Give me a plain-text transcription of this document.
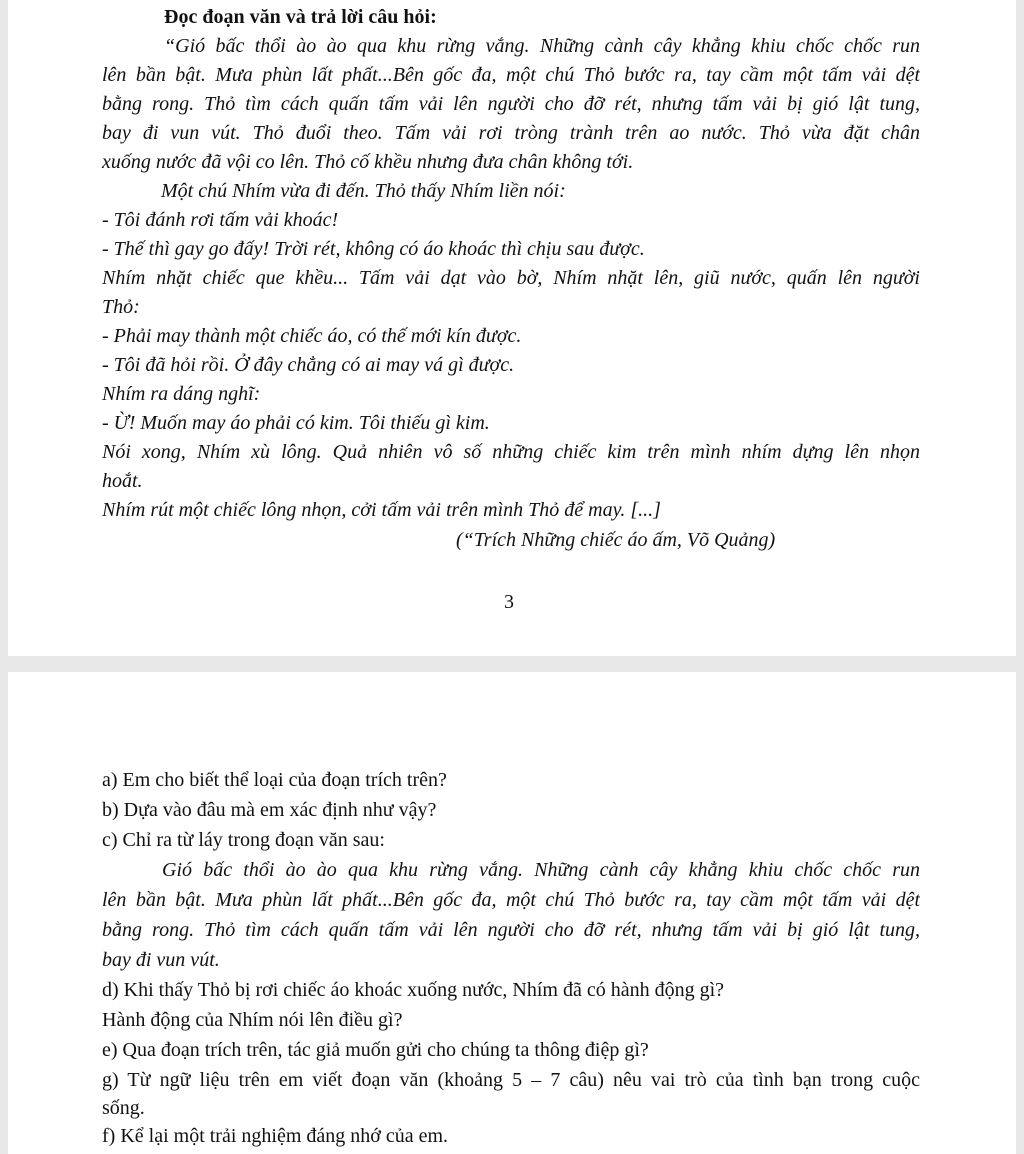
Đọc đoạn văn và trả lời câu hỏi:
“Gió bấc thổi ào ào qua khu rừng vắng. Những cành cây khẳng khiu chốc chốc run
lên bần bật. Mưa phùn lất phất...Bên gốc đa, một chú Thỏ bước ra, tay cầm một tấm vải dệt
bằng rong. Thỏ tìm cách quấn tấm vải lên người cho đỡ rét, nhưng tấm vải bị gió lật tung,
bay đi vun vút. Thỏ đuổi theo. Tấm vải rơi tròng trành trên ao nước. Thỏ vừa đặt chân
xuống nước đã vội co lên. Thỏ cố khều nhưng đưa chân không tới.
Một chú Nhím vừa đi đến. Thỏ thấy Nhím liền nói:
- Tôi đánh rơi tấm vải khoác!
- Thế thì gay go đấy! Trời rét, không có áo khoác thì chịu sau được.
Nhím nhặt chiếc que khều... Tấm vải dạt vào bờ, Nhím nhặt lên, giũ nước, quấn lên người
Thỏ:
- Phải may thành một chiếc áo, có thế mới kín được.
- Tôi đã hỏi rồi. Ở đây chẳng có ai may vá gì được.
Nhím ra dáng nghĩ:
- Ừ! Muốn may áo phải có kim. Tôi thiếu gì kim.
Nói xong, Nhím xù lông. Quả nhiên vô số những chiếc kim trên mình nhím dựng lên nhọn
hoắt.
Nhím rút một chiếc lông nhọn, cởi tấm vải trên mình Thỏ để may. [...]
(“Trích Những chiếc áo ấm, Võ Quảng)
3
a) Em cho biết thể loại của đoạn trích trên?
b) Dựa vào đâu mà em xác định như vậy?
c) Chỉ ra từ láy trong đoạn văn sau:
Gió bấc thổi ào ào qua khu rừng vắng. Những cành cây khẳng khiu chốc chốc run
lên bần bật. Mưa phùn lất phất...Bên gốc đa, một chú Thỏ bước ra, tay cầm một tấm vải dệt
bằng rong. Thỏ tìm cách quấn tấm vải lên người cho đỡ rét, nhưng tấm vải bị gió lật tung,
bay đi vun vút.
d) Khi thấy Thỏ bị rơi chiếc áo khoác xuống nước, Nhím đã có hành động gì?
Hành động của Nhím nói lên điều gì?
e) Qua đoạn trích trên, tác giả muốn gửi cho chúng ta thông điệp gì?
g) Từ ngữ liệu trên em viết đoạn văn (khoảng 5 – 7 câu) nêu vai trò của tình bạn trong cuộc
sống.
f) Kể lại một trải nghiệm đáng nhớ của em.
